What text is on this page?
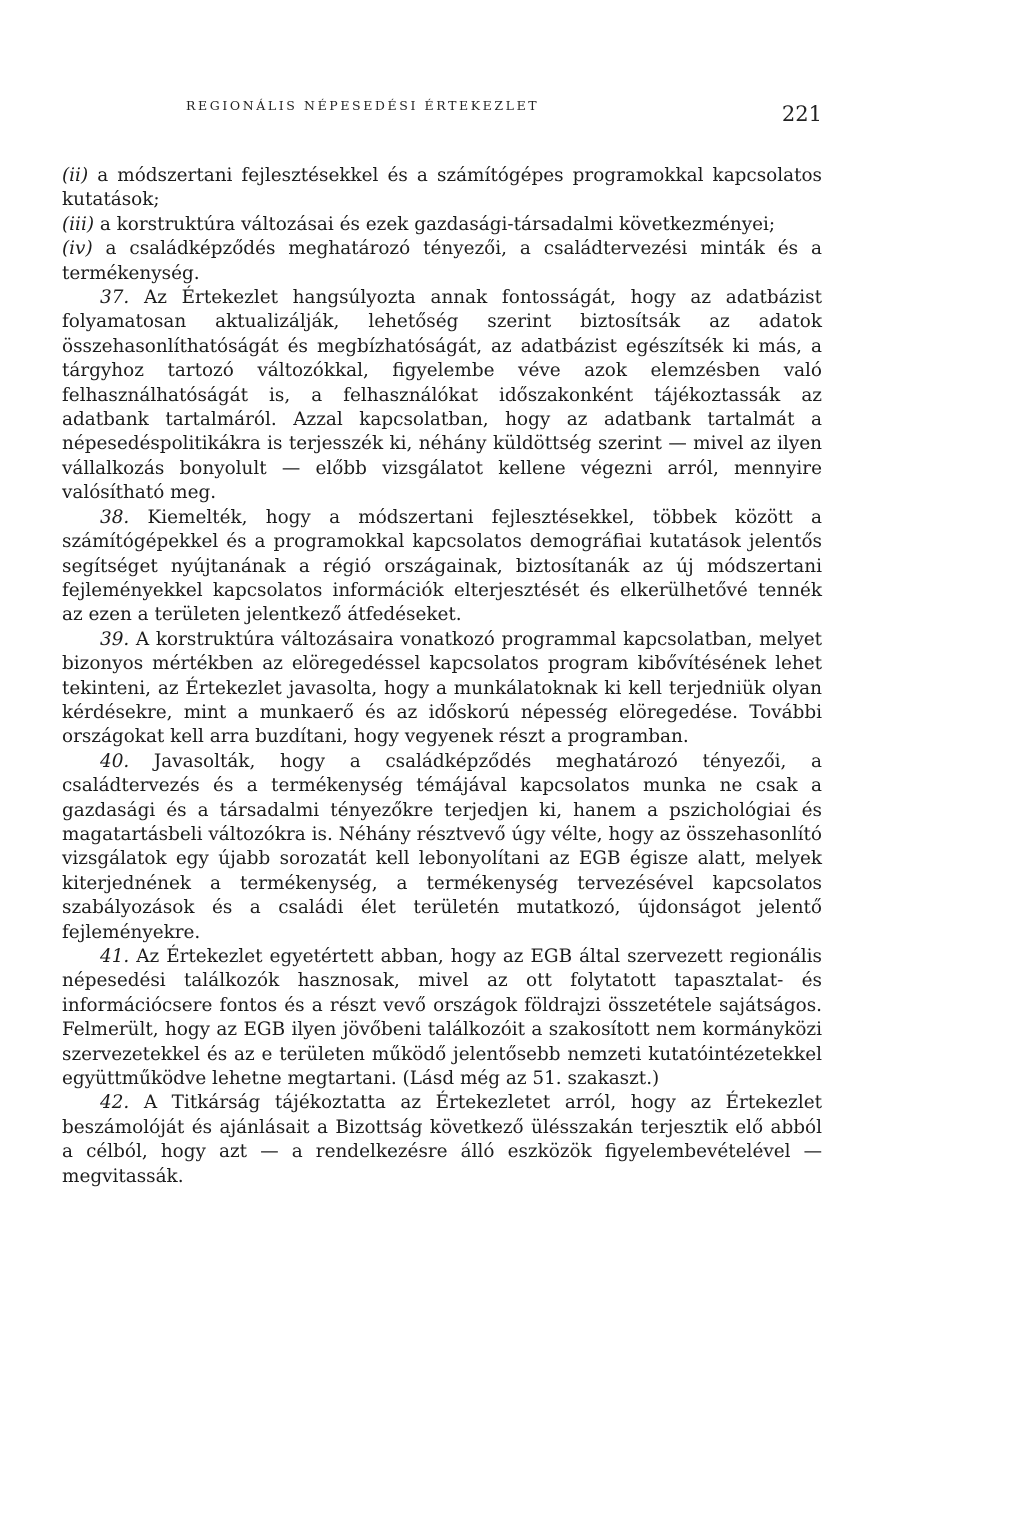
REGIONÁLIS NÉPESEDÉSI ÉRTEKEZLET	221

(ii) a módszertani fejlesztésekkel és a számítógépes programokkal kapcsolatos kutatások;

(iii) a korstruktúra változásai és ezek gazdasági-társadalmi következményei;

(iv) a családképződés meghatározó tényezői, a családtervezési minták és a termékenység.

37. Az Értekezlet hangsúlyozta annak fontosságát, hogy az adatbázist folyamatosan aktualizálják, lehetőség szerint biztosítsák az adatok összehasonlíthatóságát és megbízhatóságát, az adatbázist egészítsék ki más, a tárgyhoz tartozó változókkal, figyelembe véve azok elemzésben való felhasználhatóságát is, a felhasználókat időszakonként tájékoztassák az adatbank tartalmáról. Azzal kapcsolatban, hogy az adatbank tartalmát a népesedéspolitikákra is terjesszék ki, néhány küldöttség szerint — mivel az ilyen vállalkozás bonyolult — előbb vizsgálatot kellene végezni arról, mennyire valósítható meg.

38. Kiemelték, hogy a módszertani fejlesztésekkel, többek között a számítógépekkel és a programokkal kapcsolatos demográfiai kutatások jelentős segítséget nyújtanának a régió országainak, biztosítanák az új módszertani fejleményekkel kapcsolatos információk elterjesztését és elkerülhetővé tennék az ezen a területen jelentkező átfedéseket.

39. A korstruktúra változásaira vonatkozó programmal kapcsolatban, melyet bizonyos mértékben az elöregedéssel kapcsolatos program kibővítésének lehet tekinteni, az Értekezlet javasolta, hogy a munkálatoknak ki kell terjedniük olyan kérdésekre, mint a munkaerő és az időskorú népesség elöregedése. További országokat kell arra buzdítani, hogy vegyenek részt a programban.

40. Javasolták, hogy a családképződés meghatározó tényezői, a családtervezés és a termékenység témájával kapcsolatos munka ne csak a gazdasági és a társadalmi tényezőkre terjedjen ki, hanem a pszichológiai és magatartásbeli változókra is. Néhány résztvevő úgy vélte, hogy az összehasonlító vizsgálatok egy újabb sorozatát kell lebonyolítani az EGB égisze alatt, melyek kiterjednének a termékenység, a termékenység tervezésével kapcsolatos szabályozások és a családi élet területén mutatkozó, újdonságot jelentő fejleményekre.

41. Az Értekezlet egyetértett abban, hogy az EGB által szervezett regionális népesedési találkozók hasznosak, mivel az ott folytatott tapasztalat- és információcsere fontos és a részt vevő országok földrajzi összetétele sajátságos. Felmerült, hogy az EGB ilyen jövőbeni találkozóit a szakosított nem kormányközi szervezetekkel és az e területen működő jelentősebb nemzeti kutatóintézetekkel együttműködve lehetne megtartani. (Lásd még az 51. szakaszt.)

42. A Titkárság tájékoztatta az Értekezletet arról, hogy az Értekezlet beszámolóját és ajánlásait a Bizottság következő ülésszakán terjesztik elő abból a célból, hogy azt — a rendelkezésre álló eszközök figyelembevételével — megvitassák.
